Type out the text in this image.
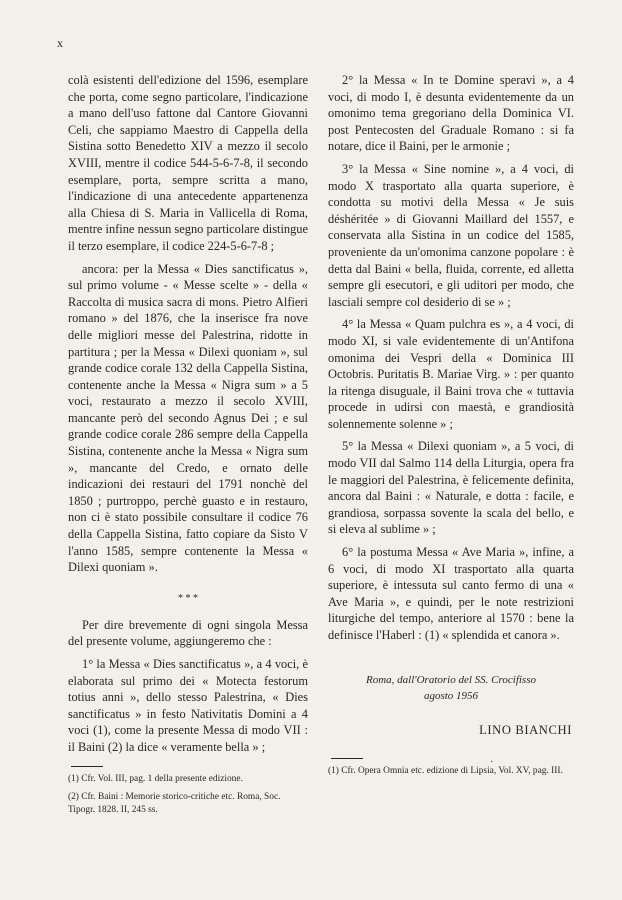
x

colà esistenti dell'edizione del 1596, esemplare che porta, come segno particolare, l'indicazione a mano dell'uso fattone dal Cantore Giovanni Celi, che sappiamo Maestro di Cappella della Sistina sotto Benedetto XIV a mezzo il secolo XVIII, mentre il codice 544-5-6-7-8, il secondo esemplare, porta, sempre scritta a mano, l'indicazione di una antecedente appartenenza alla Chiesa di S. Maria in Vallicella di Roma, mentre infine nessun segno particolare distingue il terzo esemplare, il codice 224-5-6-7-8 ;

ancora: per la Messa « Dies sanctificatus », sul primo volume - « Messe scelte » - della « Raccolta di musica sacra di mons. Pietro Alfieri romano » del 1876, che la inserisce fra nove delle migliori messe del Palestrina, ridotte in partitura ; per la Messa « Dilexi quoniam », sul grande codice corale 132 della Cappella Sistina, contenente anche la Messa « Nigra sum » a 5 voci, restaurato a mezzo il secolo XVIII, mancante però del secondo Agnus Dei ; e sul grande codice corale 286 sempre della Cappella Sistina, contenente anche la Messa « Nigra sum », mancante del Credo, e ornato delle indicazioni dei restauri del 1791 nonchè del 1850 ; purtroppo, perchè guasto e in restauro, non ci è stato possibile consultare il codice 76 della Cappella Sistina, fatto copiare da Sisto V l'anno 1585, sempre contenente la Messa « Dilexi quoniam ».

* * *

Per dire brevemente di ogni singola Messa del presente volume, aggiungeremo che :

1° la Messa « Dies sanctificatus », a 4 voci, è elaborata sul primo dei « Motecta festorum totius anni », dello stesso Palestrina, « Dies sanctificatus » in festo Nativitatis Domini a 4 voci (1), come la presente Messa di modo VII : il Baini (2) la dice « veramente bella » ;

(1) Cfr. Vol. III, pag. 1 della presente edizione.

(2) Cfr. Baini : Memorie storico-critiche etc. Roma, Soc. Tipogr. 1828. II, 245 ss.

2° la Messa « In te Domine speravi », a 4 voci, di modo I, è desunta evidentemente da un omonimo tema gregoriano della Dominica VI. post Pentecosten del Graduale Romano : si fa notare, dice il Baini, per le armonie ;

3° la Messa « Sine nomine », a 4 voci, di modo X trasportato alla quarta superiore, è condotta su motivi della Messa « Je suis déshéritée » di Giovanni Maillard del 1557, e conservata alla Sistina in un codice del 1585, proveniente da un'omonima canzone popolare : è detta dal Baini « bella, fluida, corrente, ed alletta sempre gli esecutori, e gli uditori per modo, che lasciali sempre col desiderio di se » ;

4° la Messa « Quam pulchra es », a 4 voci, di modo XI, si vale evidentemente di un'Antifona omonima dei Vespri della « Dominica III Octobris. Puritatis B. Mariae Virg. » : per quanto la ritenga disuguale, il Baini trova che « tuttavia procede in udirsi con maestà, e grandiosità solennemente solenne » ;

5° la Messa « Dilexi quoniam », a 5 voci, di modo VII dal Salmo 114 della Liturgia, opera fra le maggiori del Palestrina, è felicemente definita, ancora dal Baini : « Naturale, e dotta : facile, e grandiosa, sorpassa sovente la scala del bello, e si eleva al sublime » ;

6° la postuma Messa « Ave Maria », infine, a 6 voci, di modo XI trasportato alla quarta superiore, è intessuta sul canto fermo di una « Ave Maria », e quindi, per le note restrizioni liturgiche del tempo, anteriore al 1570 : bene la definisce l'Haberl : (1) « splendida et canora ».

Roma, dall'Oratorio del SS. Crocifisso
agosto 1956
LINO BIANCHI

(1) Cfr. Opera Omnia etc. edizione di Lipsia, Vol. XV, pag. III.

·
